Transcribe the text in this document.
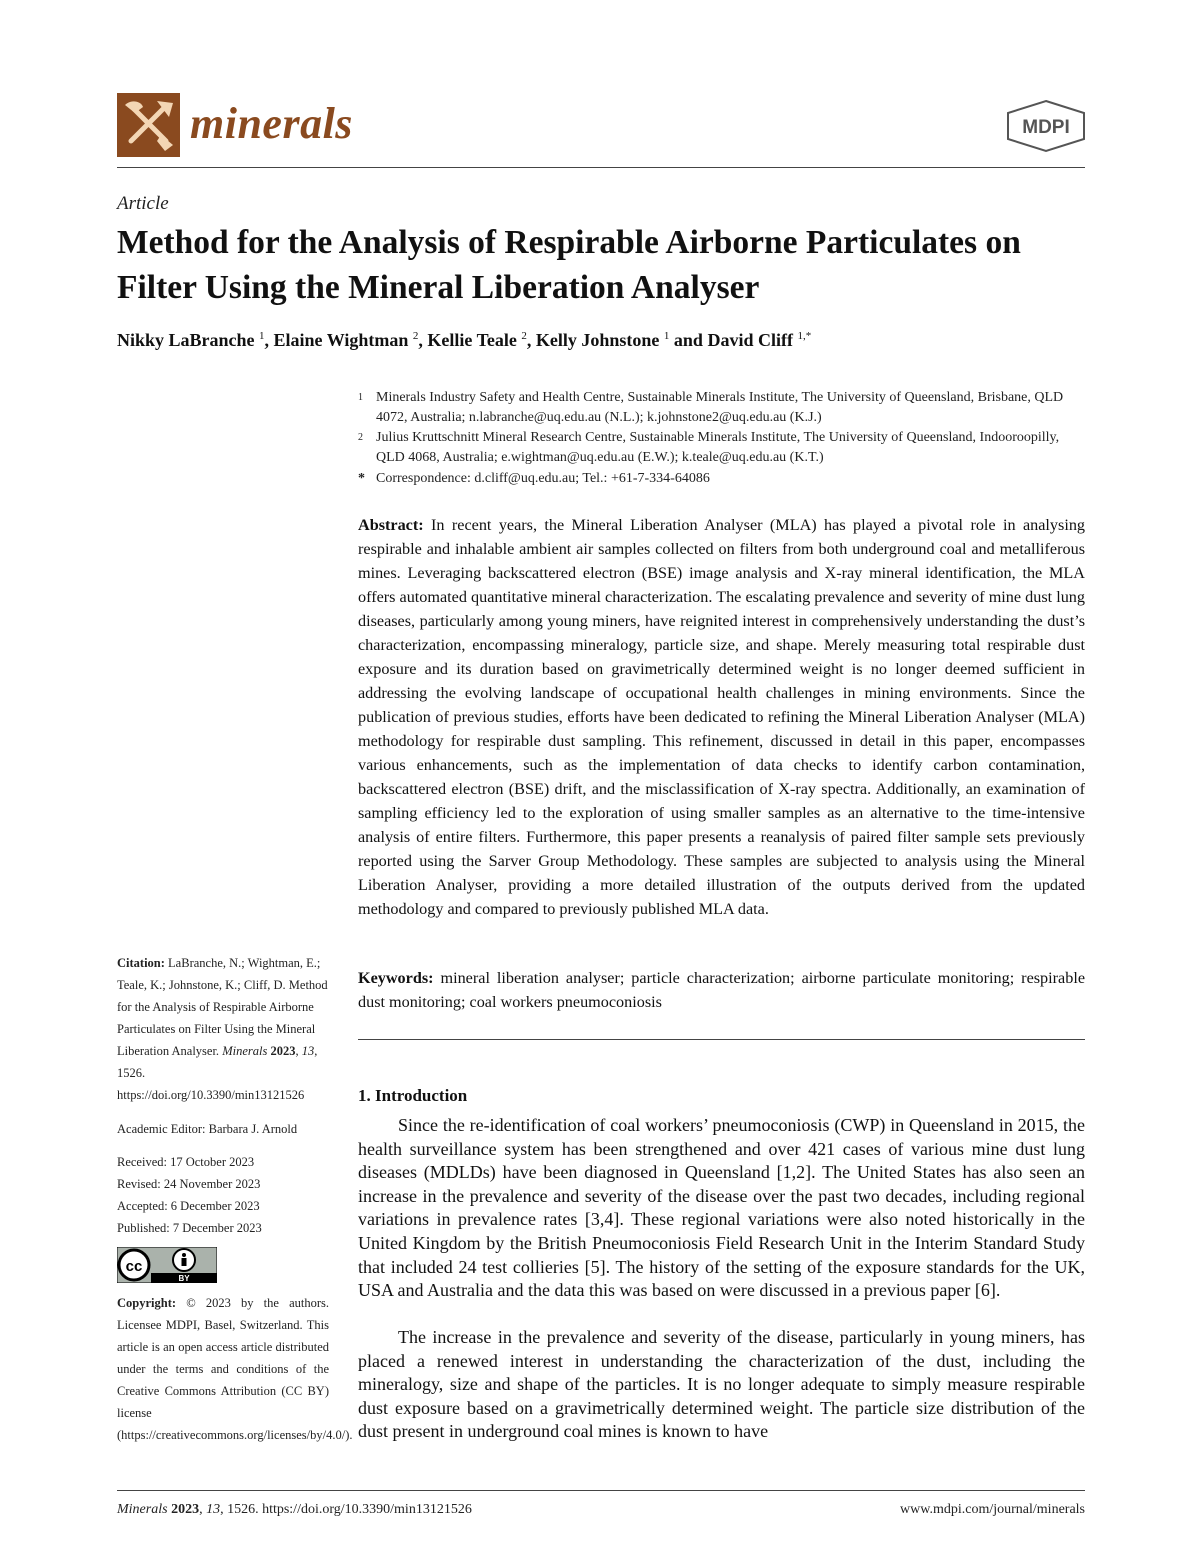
minerals	MDPI
Article
Method for the Analysis of Respirable Airborne Particulates on Filter Using the Mineral Liberation Analyser
Nikky LaBranche $^1$, Elaine Wightman $^2$, Kellie Teale $^2$, Kelly Johnstone $^1$ and David Cliff $^{1,*}$
1 Minerals Industry Safety and Health Centre, Sustainable Minerals Institute, The University of Queensland, Brisbane, QLD 4072, Australia; n.labranche@uq.edu.au (N.L.); k.johnstone2@uq.edu.au (K.J.)
2 Julius Kruttschnitt Mineral Research Centre, Sustainable Minerals Institute, The University of Queensland, Indooroopilly, QLD 4068, Australia; e.wightman@uq.edu.au (E.W.); k.teale@uq.edu.au (K.T.)
* Correspondence: d.cliff@uq.edu.au; Tel.: +61-7-334-64086
Abstract: In recent years, the Mineral Liberation Analyser (MLA) has played a pivotal role in analysing respirable and inhalable ambient air samples collected on filters from both underground coal and metalliferous mines. Leveraging backscattered electron (BSE) image analysis and X-ray mineral identification, the MLA offers automated quantitative mineral characterization. The escalating prevalence and severity of mine dust lung diseases, particularly among young miners, have reignited interest in comprehensively understanding the dust’s characterization, encompassing mineralogy, particle size, and shape. Merely measuring total respirable dust exposure and its duration based on gravimetrically determined weight is no longer deemed sufficient in addressing the evolving landscape of occupational health challenges in mining environments. Since the publication of previous studies, efforts have been dedicated to refining the Mineral Liberation Analyser (MLA) methodology for respirable dust sampling. This refinement, discussed in detail in this paper, encompasses various enhancements, such as the implementation of data checks to identify carbon contamination, backscattered electron (BSE) drift, and the misclassification of X-ray spectra. Additionally, an examination of sampling efficiency led to the exploration of using smaller samples as an alternative to the time-intensive analysis of entire filters. Furthermore, this paper presents a reanalysis of paired filter sample sets previously reported using the Sarver Group Methodology. These samples are subjected to analysis using the Mineral Liberation Analyser, providing a more detailed illustration of the outputs derived from the updated methodology and compared to previously published MLA data.
Keywords: mineral liberation analyser; particle characterization; airborne particulate monitoring; respirable dust monitoring; coal workers pneumoconiosis
1. Introduction
Since the re-identification of coal workers’ pneumoconiosis (CWP) in Queensland in 2015, the health surveillance system has been strengthened and over 421 cases of various mine dust lung diseases (MDLDs) have been diagnosed in Queensland [1,2]. The United States has also seen an increase in the prevalence and severity of the disease over the past two decades, including regional variations in prevalence rates [3,4]. These regional variations were also noted historically in the United Kingdom by the British Pneumoconiosis Field Research Unit in the Interim Standard Study that included 24 test collieries [5]. The history of the setting of the exposure standards for the UK, USA and Australia and the data this was based on were discussed in a previous paper [6].
The increase in the prevalence and severity of the disease, particularly in young miners, has placed a renewed interest in understanding the characterization of the dust, including the mineralogy, size and shape of the particles. It is no longer adequate to simply measure respirable dust exposure based on a gravimetrically determined weight. The particle size distribution of the dust present in underground coal mines is known to have
Citation: LaBranche, N.; Wightman, E.; Teale, K.; Johnstone, K.; Cliff, D. Method for the Analysis of Respirable Airborne Particulates on Filter Using the Mineral Liberation Analyser. Minerals 2023, 13, 1526. https://doi.org/10.3390/min13121526
Academic Editor: Barbara J. Arnold
Received: 17 October 2023
Revised: 24 November 2023
Accepted: 6 December 2023
Published: 7 December 2023
cc
BY
Copyright: © 2023 by the authors. Licensee MDPI, Basel, Switzerland. This article is an open access article distributed under the terms and conditions of the Creative Commons Attribution (CC BY) license (https://creativecommons.org/licenses/by/4.0/).
Minerals 2023, 13, 1526. https://doi.org/10.3390/min13121526	www.mdpi.com/journal/minerals
